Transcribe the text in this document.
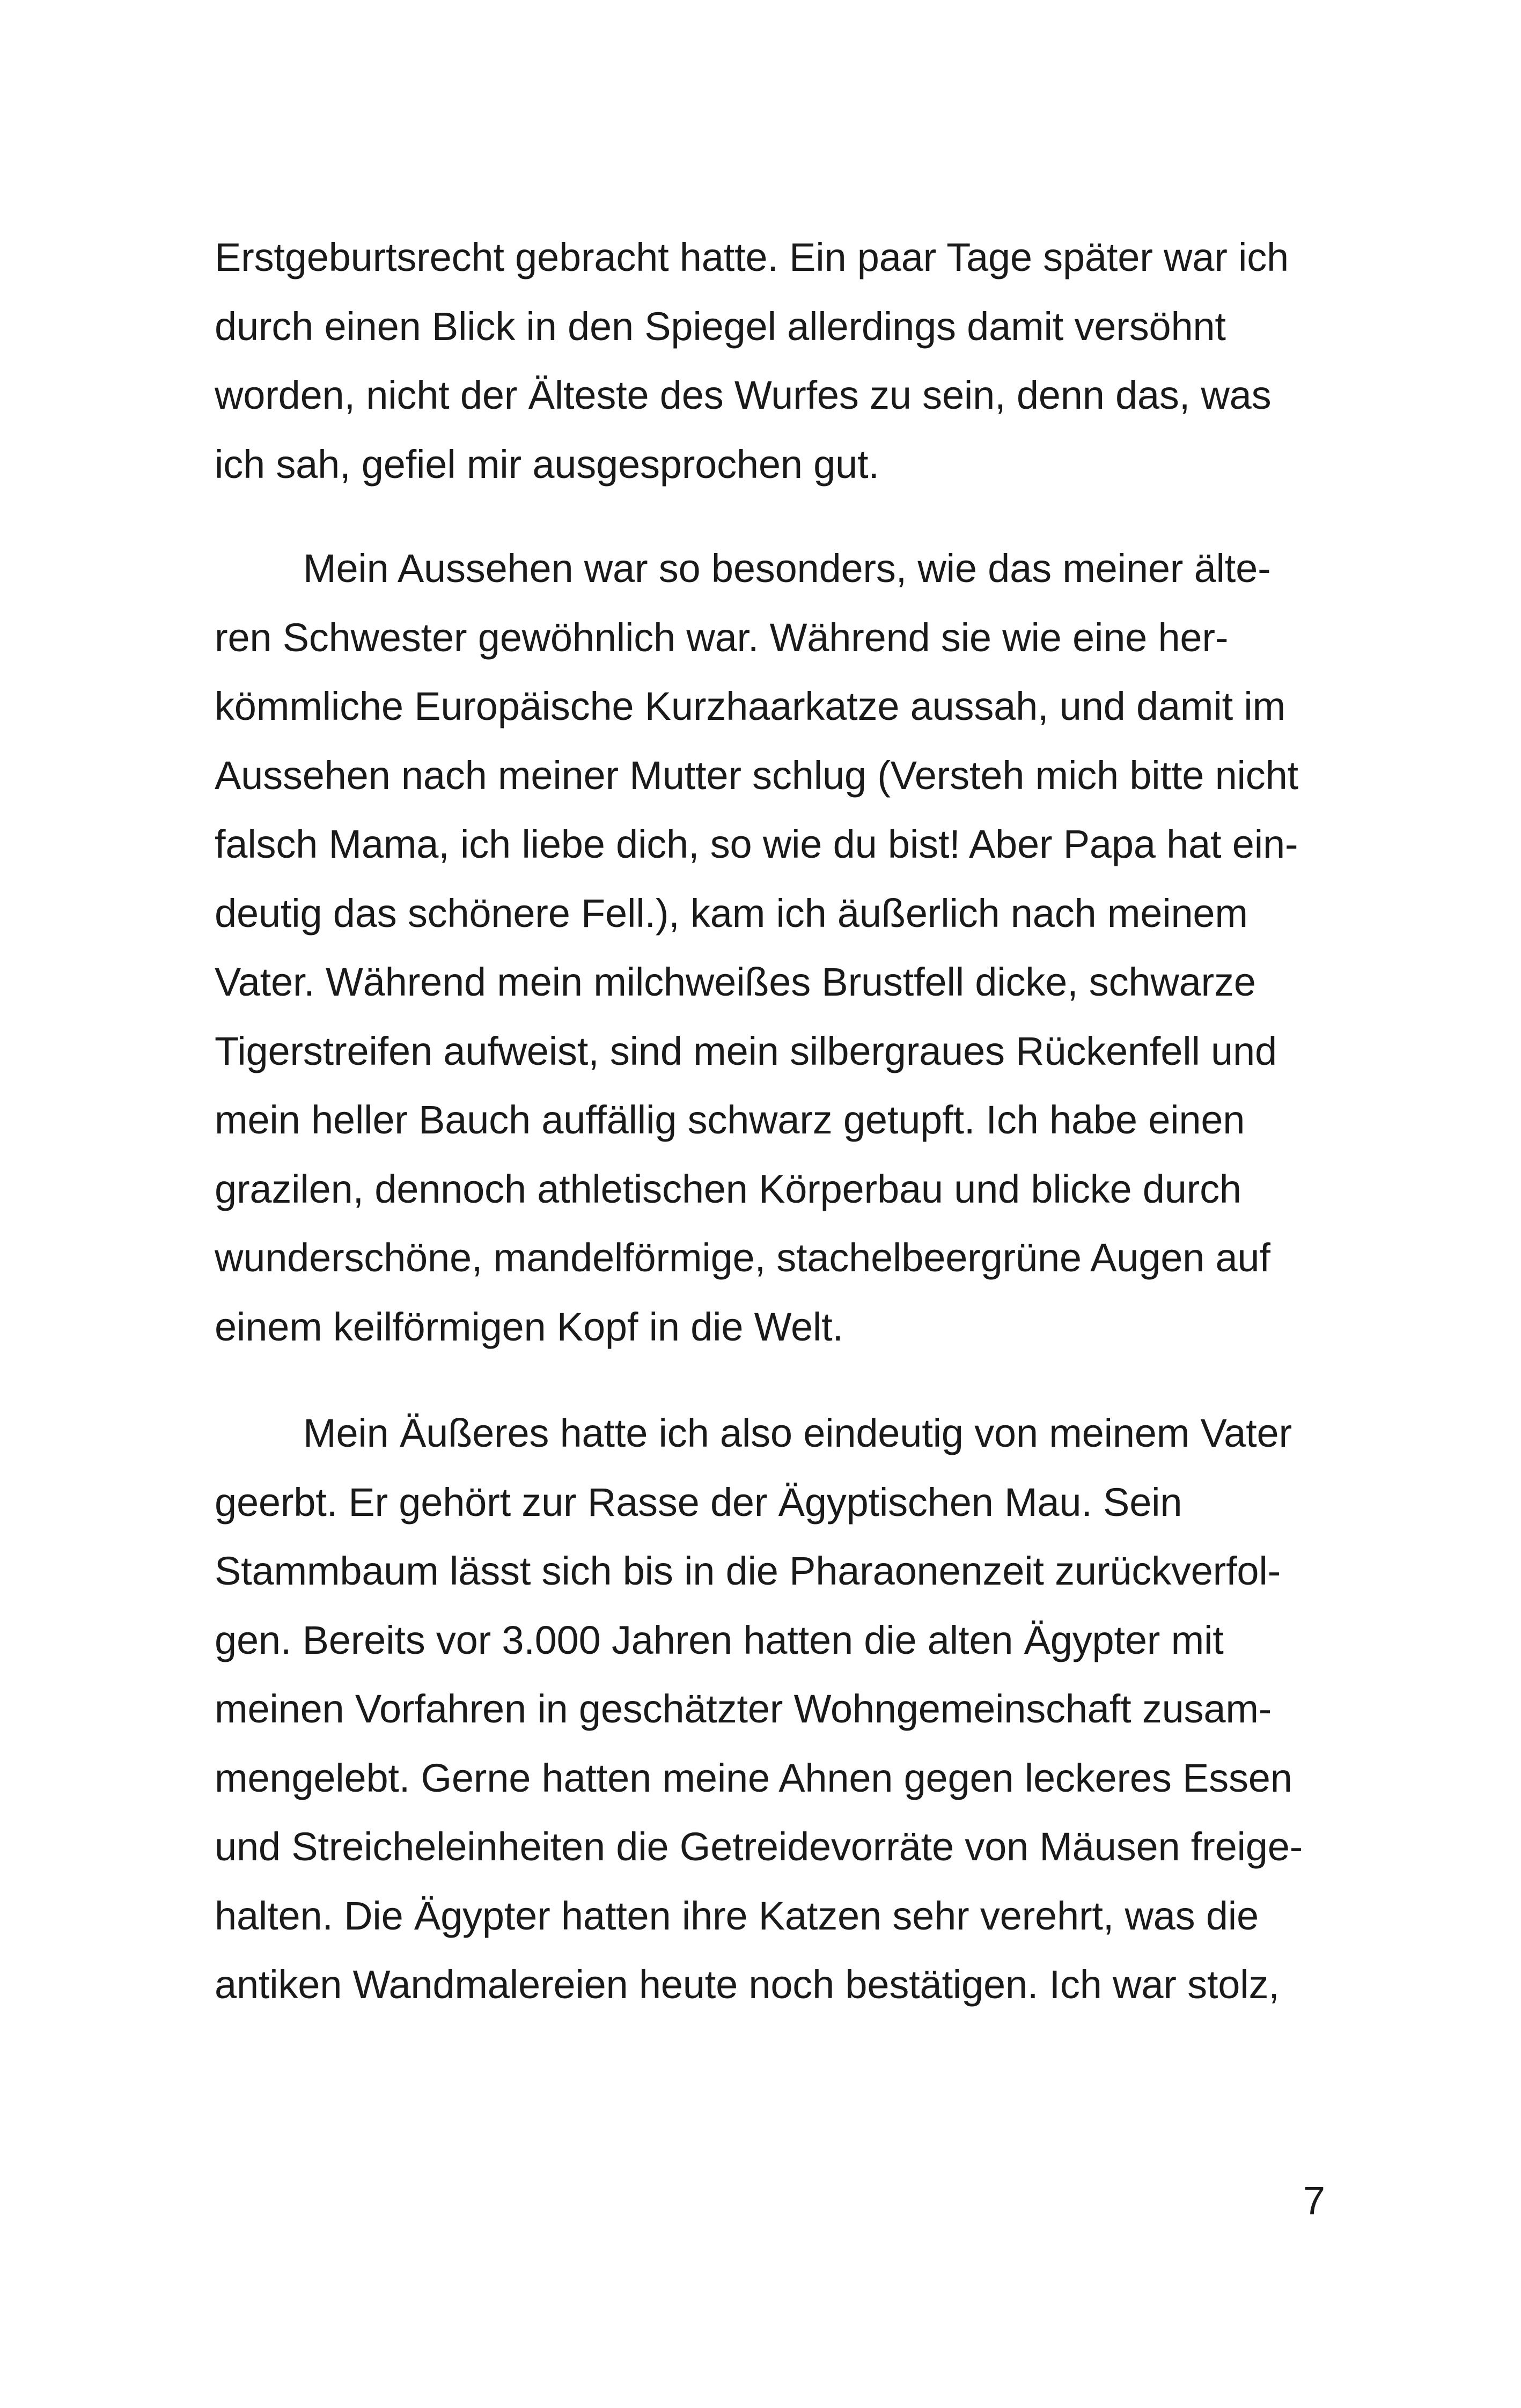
Erstgeburtsrecht gebracht hatte. Ein paar Tage später war ich
durch einen Blick in den Spiegel allerdings damit versöhnt
worden, nicht der Älteste des Wurfes zu sein, denn das, was
ich sah, gefiel mir ausgesprochen gut.
Mein Aussehen war so besonders, wie das meiner älte-
ren Schwester gewöhnlich war. Während sie wie eine her-
kömmliche Europäische Kurzhaarkatze aussah, und damit im
Aussehen nach meiner Mutter schlug (Versteh mich bitte nicht
falsch Mama, ich liebe dich, so wie du bist! Aber Papa hat ein-
deutig das schönere Fell.), kam ich äußerlich nach meinem
Vater. Während mein milchweißes Brustfell dicke, schwarze
Tigerstreifen aufweist, sind mein silbergraues Rückenfell und
mein heller Bauch auffällig schwarz getupft. Ich habe einen
grazilen, dennoch athletischen Körperbau und blicke durch
wunderschöne, mandelförmige, stachelbeergrüne Augen auf
einem keilförmigen Kopf in die Welt.
Mein Äußeres hatte ich also eindeutig von meinem Vater
geerbt. Er gehört zur Rasse der Ägyptischen Mau. Sein
Stammbaum lässt sich bis in die Pharaonenzeit zurückverfol-
gen. Bereits vor 3.000 Jahren hatten die alten Ägypter mit
meinen Vorfahren in geschätzter Wohngemeinschaft zusam-
mengelebt. Gerne hatten meine Ahnen gegen leckeres Essen
und Streicheleinheiten die Getreidevorräte von Mäusen freige-
halten. Die Ägypter hatten ihre Katzen sehr verehrt, was die
antiken Wandmalereien heute noch bestätigen. Ich war stolz,
7
